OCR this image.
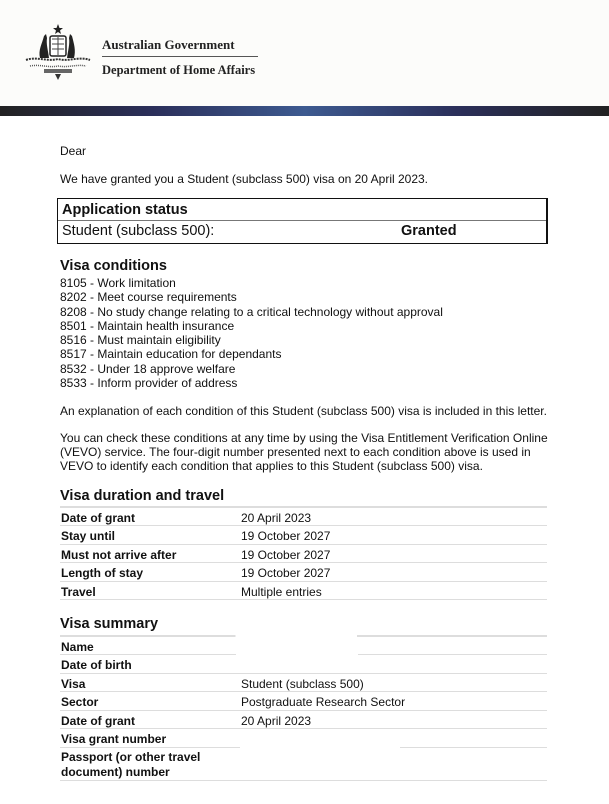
Australian Government
Department of Home Affairs
Dear
We have granted you a Student (subclass 500) visa on 20 April 2023.
Application status
Student (subclass 500):	Granted
Visa conditions
8105 - Work limitation
8202 - Meet course requirements
8208 - No study change relating to a critical technology without approval
8501 - Maintain health insurance
8516 - Must maintain eligibility
8517 - Maintain education for dependants
8532 - Under 18 approve welfare
8533 - Inform provider of address
An explanation of each condition of this Student (subclass 500) visa is included in this letter.
You can check these conditions at any time by using the Visa Entitlement Verification Online
(VEVO) service. The four-digit number presented next to each condition above is used in
VEVO to identify each condition that applies to this Student (subclass 500) visa.
Visa duration and travel
Date of grant	20 April 2023
Stay until	19 October 2027
Must not arrive after	19 October 2027
Length of stay	19 October 2027
Travel	Multiple entries
Visa summary
Name
Date of birth
Visa	Student (subclass 500)
Sector	Postgraduate Research Sector
Date of grant	20 April 2023
Visa grant number
Passport (or other travel document) number
